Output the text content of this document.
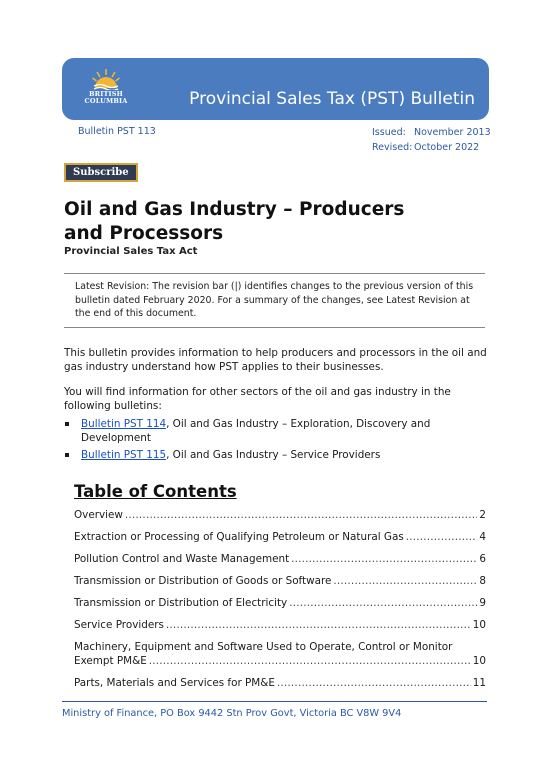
BRITISH
COLUMBIA	Provincial Sales Tax (PST) Bulletin
Bulletin PST 113	Issued: November 2013
Revised: October 2022
Subscribe
Oil and Gas Industry – Producers and Processors
Provincial Sales Tax Act
Latest Revision: The revision bar (|) identifies changes to the previous version of this bulletin dated February 2020. For a summary of the changes, see Latest Revision at the end of this document.

This bulletin provides information to help producers and processors in the oil and gas industry understand how PST applies to their businesses.

You will find information for other sectors of the oil and gas industry in the following bulletins:

Bulletin PST 114, Oil and Gas Industry – Exploration, Discovery and Development
Bulletin PST 115, Oil and Gas Industry – Service Providers
Table of Contents
Overview .....	2
Extraction or Processing of Qualifying Petroleum or Natural Gas .....	4
Pollution Control and Waste Management .....	6
Transmission or Distribution of Goods or Software .....	8
Transmission or Distribution of Electricity .....	9
Service Providers .....	10
Machinery, Equipment and Software Used to Operate, Control or Monitor
Exempt PM&E .....	10
Parts, Materials and Services for PM&E .....	11
Ministry of Finance, PO Box 9442 Stn Prov Govt, Victoria BC V8W 9V4
